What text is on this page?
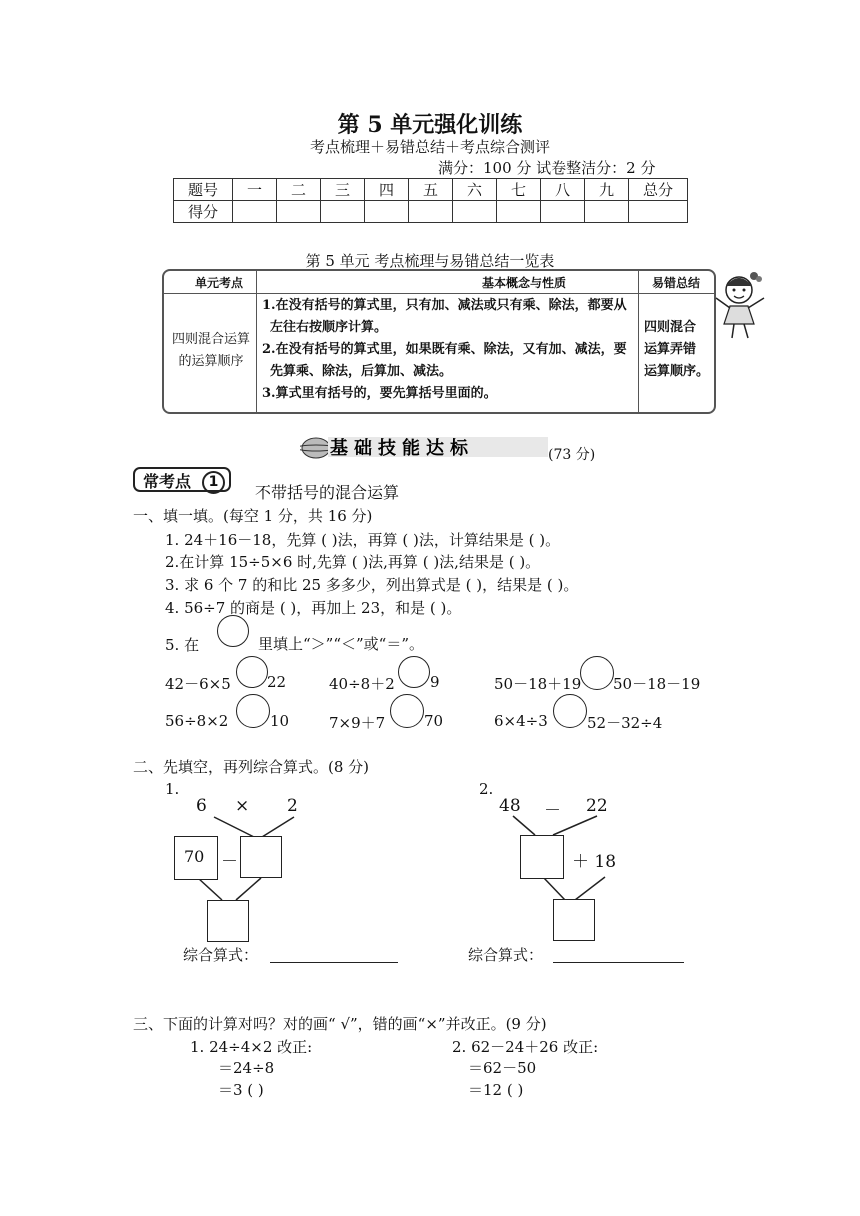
第 5 单元强化训练
考点梳理＋易错总结＋考点综合测评
满分：100 分 试卷整洁分：2 分
题号	一	二	三	四	五	六	七	八	九	总分
得分										
第 5 单元 考点梳理与易错总结一览表
单元考点	基本概念与性质	易错总结
四则混合运算
的运算顺序
1.在没有括号的算式里，只有加、减法或只有乘、除法，都要从
左往右按顺序计算。
2.在没有括号的算式里，如果既有乘、除法，又有加、减法，要
先算乘、除法，后算加、减法。
3.算式里有括号的，要先算括号里面的。
四则混合
运算弄错
运算顺序。
基础技能达标	(73 分)
常考点	1
不带括号的混合运算
一、填一填。(每空 1 分，共 16 分)
1. 24＋16－18，先算 ( )法，再算 ( )法，计算结果是 ( )。
2.在计算 15÷5×6 时,先算 ( )法,再算 ( )法,结果是 ( )。
3. 求 6 个 7 的和比 25 多多少，列出算式是 ( )，结果是 ( )。
4. 56÷7 的商是 ( )，再加上 23，和是 ( )。
5. 在	里填上“＞”“＜”或“＝”。
42－6×5 22	40÷8＋2 9	50－18＋19 50－18－19
56÷8×2	10	7×9＋7	70	6×4÷3	52－32÷4
二、先填空，再列综合算式。(8 分)
1.
6 × 2
70 －
综合算式：
2.
48 － 22
＋ 18
综合算式：
三、下面的计算对吗？对的画“ √”，错的画“×”并改正。(9 分)
1. 24÷4×2 改正:
＝24÷8
＝3 ( )
2. 62－24＋26 改正:
＝62－50
＝12 ( )
